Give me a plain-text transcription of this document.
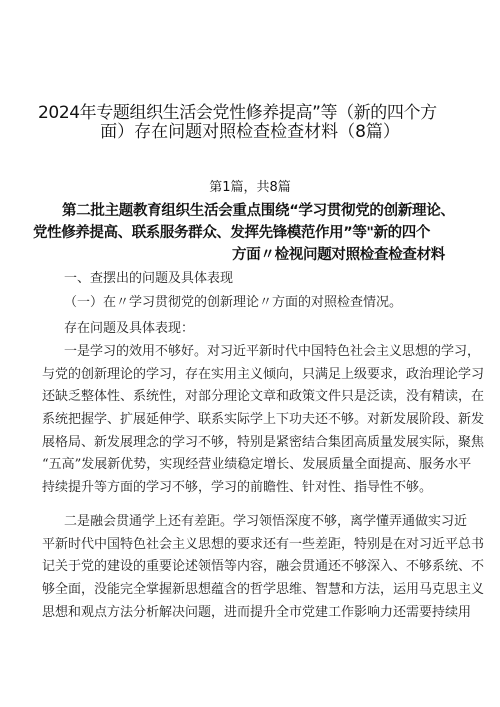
2024年专题组织生活会党性修养提高”等（新的四个方
面）存在问题对照检查检查材料（8篇）
第1篇，共8篇
第二批主题教育组织生活会重点围绕“学习贯彻党的创新理论、
党性修养提高、联系服务群众、发挥先锋模范作用”等"新的四个
方面〃检视问题对照检查检查材料
一、查摆出的问题及具体表现
（一）在〃学习贯彻党的创新理论〃方面的对照检查情况。
存在问题及具体表现：
一是学习的效用不够好。对习近平新时代中国特色社会主义思想的学习，
与党的创新理论的学习，存在实用主义倾向，只满足上级要求，政治理论学习
还缺乏整体性、系统性，对部分理论文章和政策文件只是泛读，没有精读，在
系统把握学、扩展延伸学、联系实际学上下功夫还不够。对新发展阶段、新发
展格局、新发展理念的学习不够，特别是紧密结合集团高质量发展实际，聚焦
“五高”发展新优势，实现经营业绩稳定增长、发展质量全面提高、服务水平
持续提升等方面的学习不够，学习的前瞻性、针对性、指导性不够。
二是融会贯通学上还有差距。学习领悟深度不够，离学懂弄通做实习近
平新时代中国特色社会主义思想的要求还有一些差距，特别是在对习近平总书
记关于党的建设的重要论述领悟等内容，融会贯通还不够深入、不够系统、不
够全面，没能完全掌握新思想蕴含的哲学思维、智慧和方法，运用马克思主义
思想和观点方法分析解决问题，进而提升全市党建工作影响力还需要持续用
